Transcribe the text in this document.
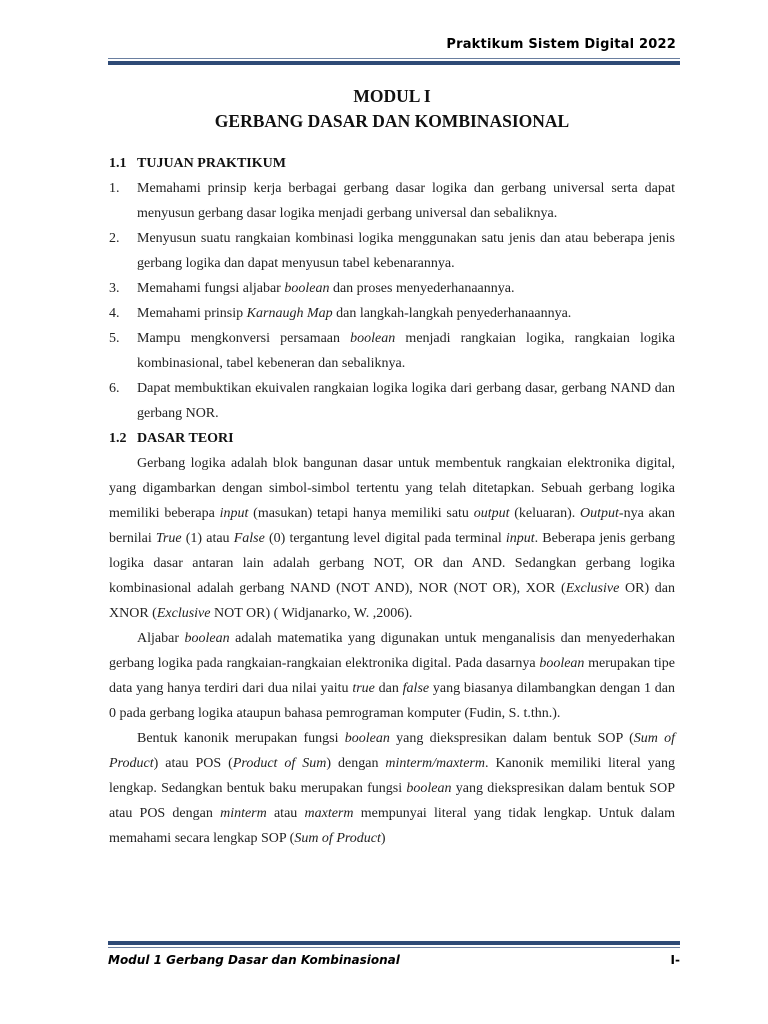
Praktikum Sistem Digital 2022
MODUL I
GERBANG DASAR DAN KOMBINASIONAL
1.1 TUJUAN PRAKTIKUM
1. Memahami prinsip kerja berbagai gerbang dasar logika dan gerbang universal serta dapat menyusun gerbang dasar logika menjadi gerbang universal dan sebaliknya.
2. Menyusun suatu rangkaian kombinasi logika menggunakan satu jenis dan atau beberapa jenis gerbang logika dan dapat menyusun tabel kebenarannya.
3. Memahami fungsi aljabar boolean dan proses menyederhanaannya.
4. Memahami prinsip Karnaugh Map dan langkah-langkah penyederhanaannya.
5. Mampu mengkonversi persamaan boolean menjadi rangkaian logika, rangkaian logika kombinasional, tabel kebeneran dan sebaliknya.
6. Dapat membuktikan ekuivalen rangkaian logika logika dari gerbang dasar, gerbang NAND dan gerbang NOR.
1.2 DASAR TEORI

Gerbang logika adalah blok bangunan dasar untuk membentuk rangkaian elektronika digital, yang digambarkan dengan simbol-simbol tertentu yang telah ditetapkan. Sebuah gerbang logika memiliki beberapa input (masukan) tetapi hanya memiliki satu output (keluaran). Output-nya akan bernilai True (1) atau False (0) tergantung level digital pada terminal input. Beberapa jenis gerbang logika dasar antaran lain adalah gerbang NOT, OR dan AND. Sedangkan gerbang logika kombinasional adalah gerbang NAND (NOT AND), NOR (NOT OR), XOR (Exclusive OR) dan XNOR (Exclusive NOT OR) ( Widjanarko, W. ,2006).

Aljabar boolean adalah matematika yang digunakan untuk menganalisis dan menyederhakan gerbang logika pada rangkaian-rangkaian elektronika digital. Pada dasarnya boolean merupakan tipe data yang hanya terdiri dari dua nilai yaitu true dan false yang biasanya dilambangkan dengan 1 dan 0 pada gerbang logika ataupun bahasa pemrograman komputer (Fudin, S. t.thn.).

Bentuk kanonik merupakan fungsi boolean yang diekspresikan dalam bentuk SOP (Sum of Product) atau POS (Product of Sum) dengan minterm/maxterm. Kanonik memiliki literal yang lengkap. Sedangkan bentuk baku merupakan fungsi boolean yang diekspresikan dalam bentuk SOP atau POS dengan minterm atau maxterm mempunyai literal yang tidak lengkap. Untuk dalam memahami secara lengkap SOP (Sum of Product)

Modul 1 Gerbang Dasar dan Kombinasional	I-
